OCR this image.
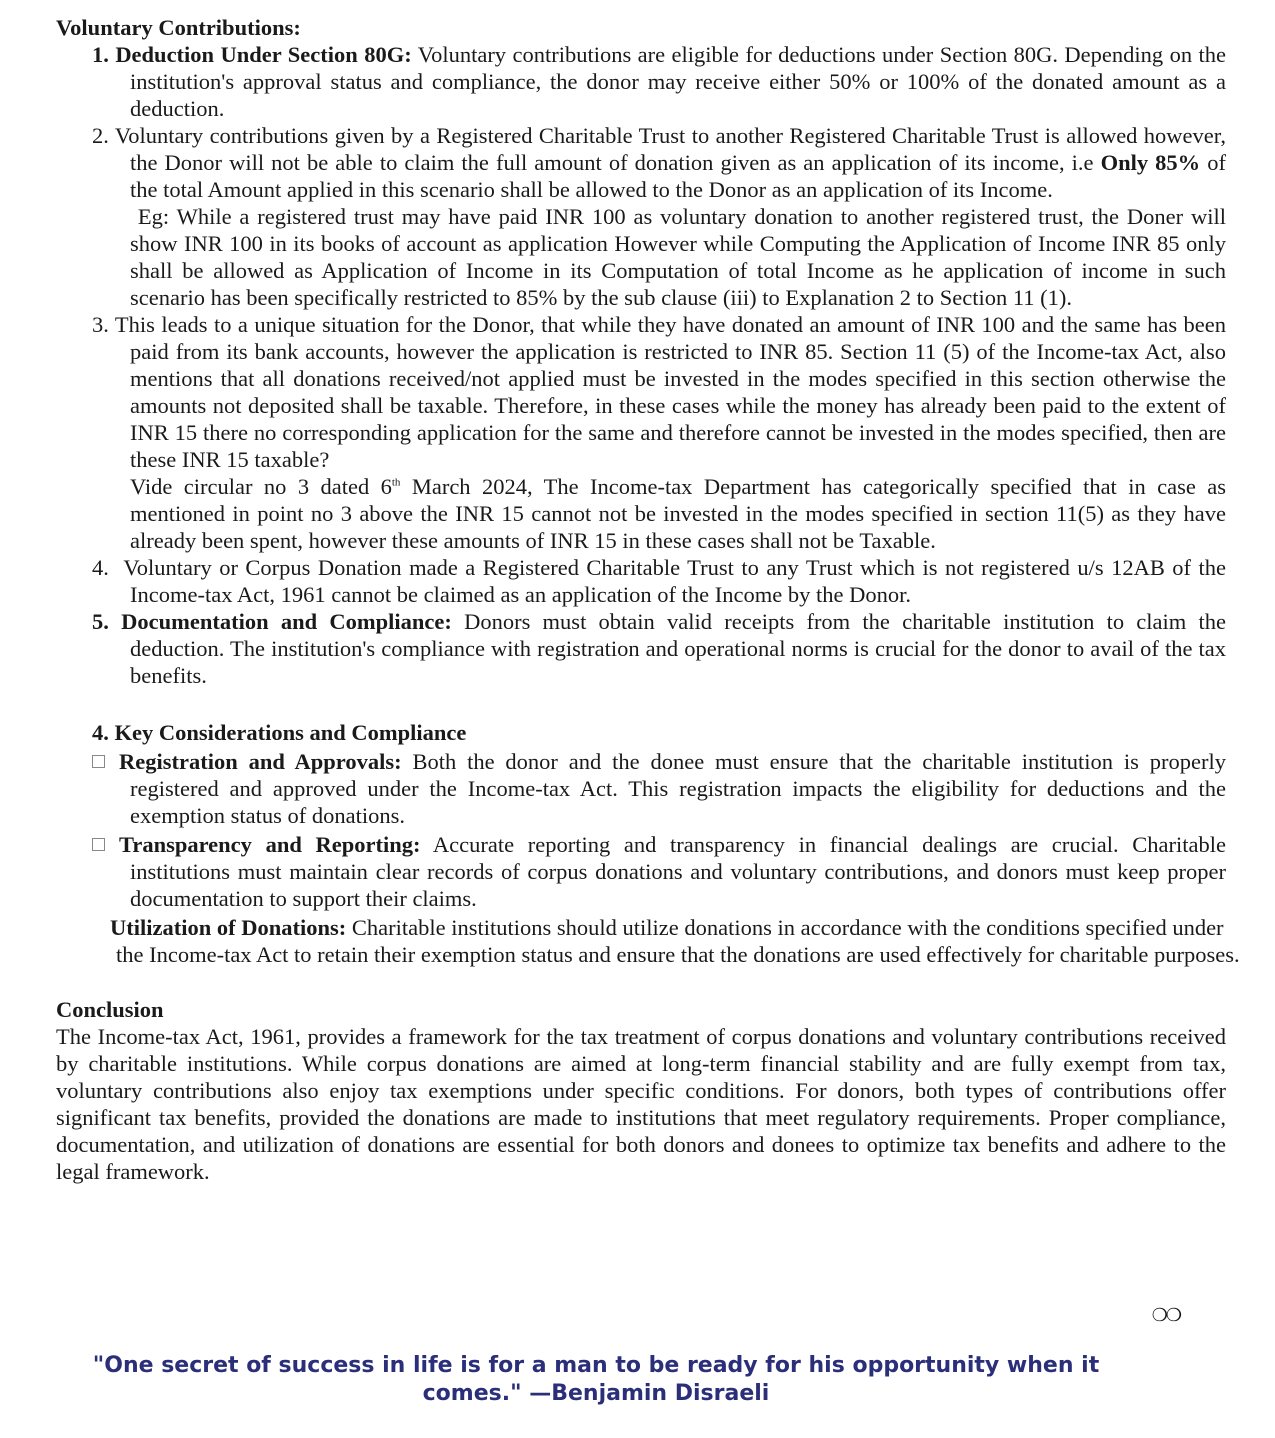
Voluntary Contributions:

1. Deduction Under Section 80G: Voluntary contributions are eligible for deductions under Section 80G. Depending on the institution's approval status and compliance, the donor may receive either 50% or 100% of the donated amount as a deduction.
2. Voluntary contributions given by a Registered Charitable Trust to another Registered Charitable Trust is allowed however, the Donor will not be able to claim the full amount of donation given as an application of its income, i.e Only 85% of the total Amount applied in this scenario shall be allowed to the Donor as an application of its Income.
Eg: While a registered trust may have paid INR 100 as voluntary donation to another registered trust, the Doner will show INR 100 in its books of account as application However while Computing the Application of Income INR 85 only shall be allowed as Application of Income in its Computation of total Income as he application of income in such scenario has been specifically restricted to 85% by the sub clause (iii) to Explanation 2 to Section 11 (1).
3. This leads to a unique situation for the Donor, that while they have donated an amount of INR 100 and the same has been paid from its bank accounts, however the application is restricted to INR 85. Section 11 (5) of the Income-tax Act, also mentions that all donations received/not applied must be invested in the modes specified in this section otherwise the amounts not deposited shall be taxable. Therefore, in these cases while the money has already been paid to the extent of INR 15 there no corresponding application for the same and therefore cannot be invested in the modes specified, then are these INR 15 taxable?
Vide circular no 3 dated 6th March 2024, The Income-tax Department has categorically specified that in case as mentioned in point no 3 above the INR 15 cannot not be invested in the modes specified in section 11(5) as they have already been spent, however these amounts of INR 15 in these cases shall not be Taxable.
4.  Voluntary or Corpus Donation made a Registered Charitable Trust to any Trust which is not registered u/s 12AB of the Income-tax Act, 1961 cannot be claimed as an application of the Income by the Donor.
5. Documentation and Compliance: Donors must obtain valid receipts from the charitable institution to claim the deduction. The institution's compliance with registration and operational norms is crucial for the donor to avail of the tax benefits.

4. Key Considerations and Compliance

Registration and Approvals: Both the donor and the donee must ensure that the charitable institution is properly registered and approved under the Income-tax Act. This registration impacts the eligibility for deductions and the exemption status of donations.
Transparency and Reporting: Accurate reporting and transparency in financial dealings are crucial. Charitable institutions must maintain clear records of corpus donations and voluntary contributions, and donors must keep proper documentation to support their claims.

Utilization of Donations: Charitable institutions should utilize donations in accordance with the conditions specified under the Income-tax Act to retain their exemption status and ensure that the donations are used effectively for charitable purposes.

Conclusion

The Income-tax Act, 1961, provides a framework for the tax treatment of corpus donations and voluntary contributions received by charitable institutions. While corpus donations are aimed at long-term financial stability and are fully exempt from tax, voluntary contributions also enjoy tax exemptions under specific conditions. For donors, both types of contributions offer significant tax benefits, provided the donations are made to institutions that meet regulatory requirements. Proper compliance, documentation, and utilization of donations are essential for both donors and donees to optimize tax benefits and adhere to the legal framework.

❍❍
"One secret of success in life is for a man to be ready for his opportunity when it comes." —Benjamin Disraeli
